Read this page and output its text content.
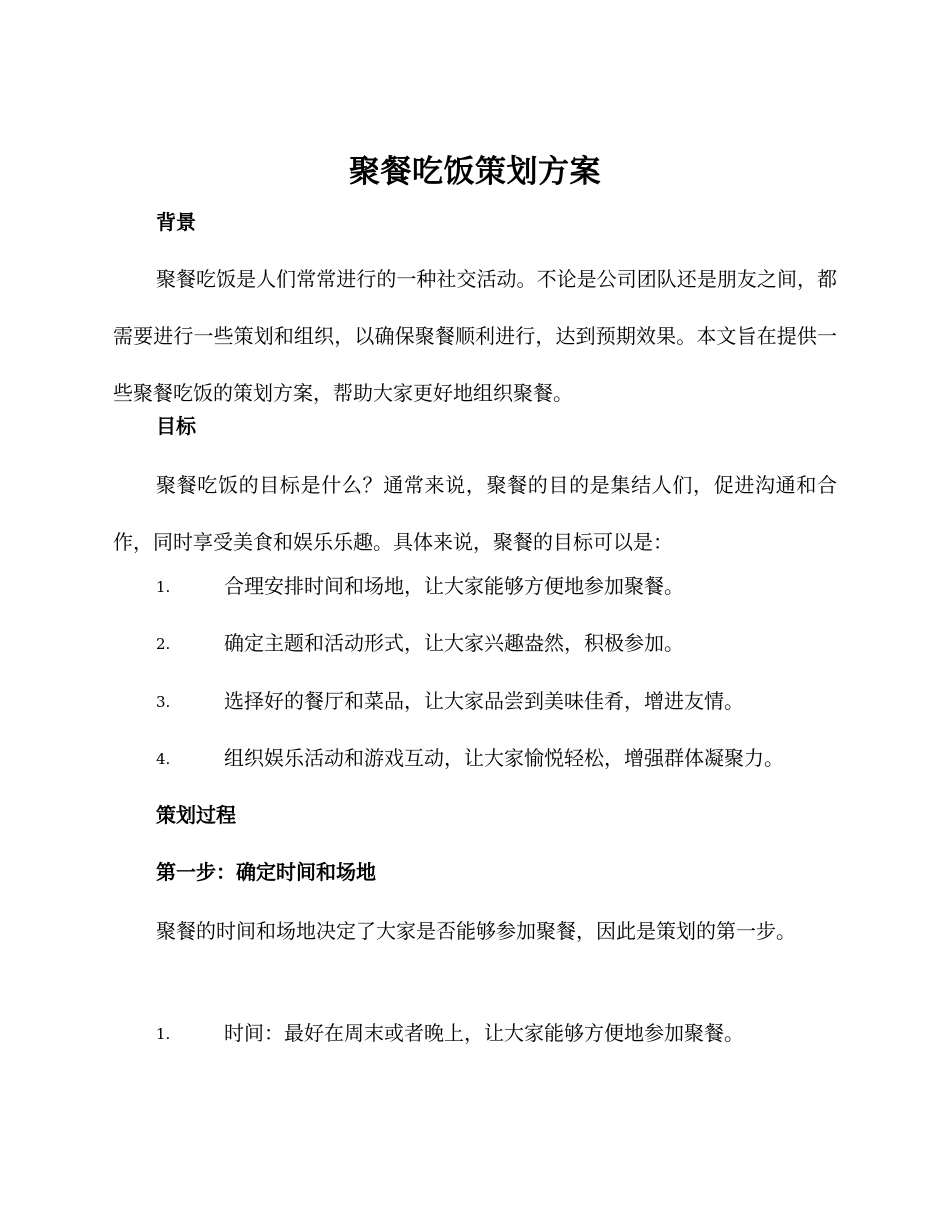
聚餐吃饭策划方案
背景

聚餐吃饭是人们常常进行的一种社交活动。不论是公司团队还是朋友之间，都需要进行一些策划和组织，以确保聚餐顺利进行，达到预期效果。本文旨在提供一些聚餐吃饭的策划方案，帮助大家更好地组织聚餐。

目标

聚餐吃饭的目标是什么？通常来说，聚餐的目的是集结人们，促进沟通和合作，同时享受美食和娱乐乐趣。具体来说，聚餐的目标可以是：

1.	合理安排时间和场地，让大家能够方便地参加聚餐。
2.	确定主题和活动形式，让大家兴趣盎然，积极参加。
3.	选择好的餐厅和菜品，让大家品尝到美味佳肴，增进友情。
4.	组织娱乐活动和游戏互动，让大家愉悦轻松，增强群体凝聚力。
策划过程
第一步：确定时间和场地

聚餐的时间和场地决定了大家是否能够参加聚餐，因此是策划的第一步。

1.	时间：最好在周末或者晚上，让大家能够方便地参加聚餐。
